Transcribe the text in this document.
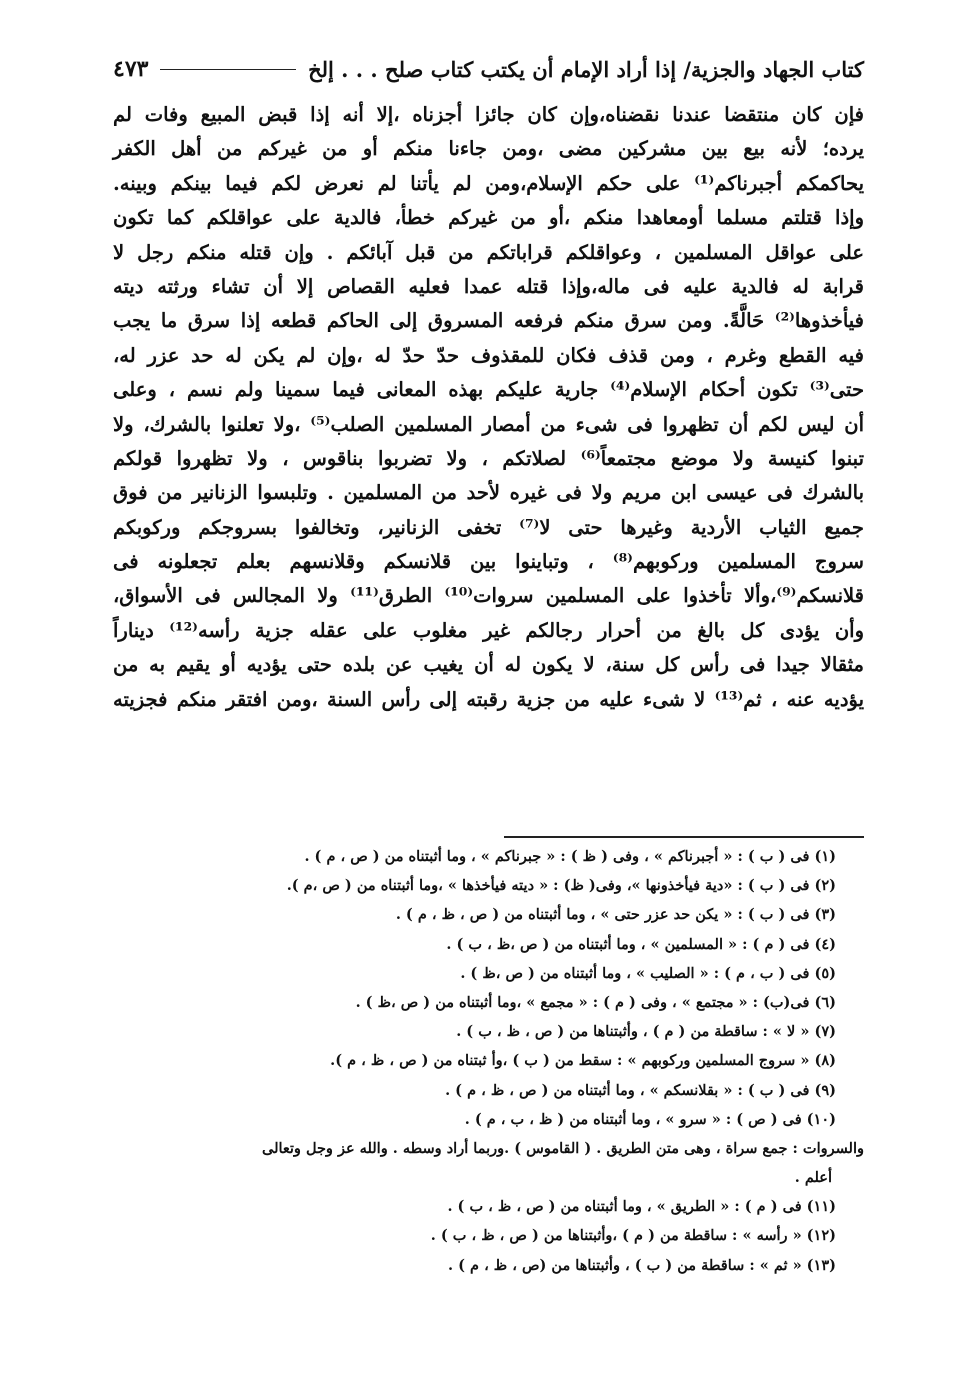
كتاب الجهاد والجزية/ إذا أراد الإمام أن يكتب كتاب صلح . . . إلخ
٤٧٣
فإن كان منتقضا عندنا نقضناه،وإن كان جائزا أجزناه ،إلا أنه إذا قبض المبيع وفات لم
يرده؛ لأنه بيع بين مشركين مضى ،ومن جاءنا منكم أو من غيركم من أهل الكفر
يحاكمكم أجبرناكم⁽¹⁾ على حكم الإسلام،ومن لم يأتنا لم نعرض لكم فيما بينكم وبينه.
وإذا قتلتم مسلما أومعاهدا منكم ،أو من غيركم خطأ، فالدية على عواقلكم كما تكون
على عواقل المسلمين ، وعواقلكم قراباتكم من قبل آبائكم . وإن قتله منكم رجل لا
قرابة له فالدية عليه فى ماله،وإذا قتله عمدا فعليه القصاص إلا أن تشاء ورثته ديته
فيأخذوها⁽²⁾ حَالَّةً. ومن سرق منكم فرفعه المسروق إلى الحاكم قطعه إذا سرق ما يجب
فيه القطع وغرم ، ومن قذف فكان للمقذوف حدّ حدّ له ،وإن لم يكن له حد عزر له،
حتى⁽³⁾ تكون أحكام الإسلام⁽⁴⁾ جارية عليكم بهذه المعانى فيما سمينا ولم نسم ، وعلى
أن ليس لكم أن تظهروا فى شىء من أمصار المسلمين الصلب⁽⁵⁾ ،ولا تعلنوا بالشرك، ولا
تبنوا كنيسة ولا موضع مجتمعاً⁽⁶⁾ لصلاتكم ، ولا تضربوا بناقوس ، ولا تظهروا قولكم
بالشرك فى عيسى ابن مريم ولا فى غيره لأحد من المسلمين . وتلبسوا الزنانير من فوق
جميع الثياب الأردية وغيرها حتى لا⁽⁷⁾ تخفى الزنانير، وتخالفوا بسروجكم وركوبكم
سروج المسلمين وركوبهم⁽⁸⁾ ، وتباينوا بين قلانسكم وقلانسهم بعلم تجعلونه فى
قلانسكم⁽⁹⁾،وألا تأخذوا على المسلمين سروات⁽¹⁰⁾ الطرق⁽¹¹⁾ ولا المجالس فى الأسواق،
وأن يؤدى كل بالغ من أحرار رجالكم غير مغلوب على عقله جزية رأسه⁽¹²⁾ ديناراً
مثقالا جيدا فى رأس كل سنة، لا يكون له أن يغيب عن بلده حتى يؤديه أو يقيم به من
يؤديه عنه ، ثم⁽¹³⁾ لا شىء عليه من جزية رقبته إلى رأس السنة ،ومن افتقر منكم فجزيته
(١) فى ( ب ) : « أجبرناكم » ، وفى ( ظ ) : « جبرناكم » ، وما أثبتناه من ( ص ، م ) .
(٢) فى ( ب ) : «دية فيأخذونها »، وفى( ظ) : « ديته فيأخذها » ،وما أثبتناه من ( ص ،م ).
(٣) فى ( ب ) : « يكن حد عزر حتى » ، وما أثبتناه من ( ص ، ظ ، م ) .
(٤) فى ( م ) : « المسلمين » ، وما أثبتناه من ( ص ،ظ ، ب ) .
(٥) فى ( ب ، م ) : « الصليب » ، وما أثبتناه من ( ص ،ظ ) .
(٦) فى(ب) : « مجتمع » ، وفى ( م ) : « مجمع » ،وما أثبتناه من ( ص ،ظ ) .
(٧) « لا » : ساقطة من ( م ) ، وأثبتناها من ( ص ، ظ ، ب ) .
(٨) « سروج المسلمين وركوبهم » : سقط من ( ب ) ،وأ ثبتناه من ( ص ، ظ ، م ).
(٩) فى ( ب ) : « بقلانسكم » ، وما أثبتناه من ( ص ، ظ ، م ) .
(١٠) فى ( ص ) : « سرو » ، وما أثبتناه من ( ظ ، ب ، م ) .
والسروات : جمع سراة ، وهى متن الطريق . ( القاموس ) .وربما أراد وسطه . والله عز وجل وتعالى
أعلم .
(١١) فى ( م ) : « الطريق » ، وما أثبتناه من ( ص ، ظ ، ب ) .
(١٢) « رأسه » : ساقطة من ( م ) ،وأثبتناها من ( ص ، ظ ، ب ) .
(١٣) « ثم » : ساقطة من ( ب ) ، وأثبتناها من (ص ، ظ ، م ) .
